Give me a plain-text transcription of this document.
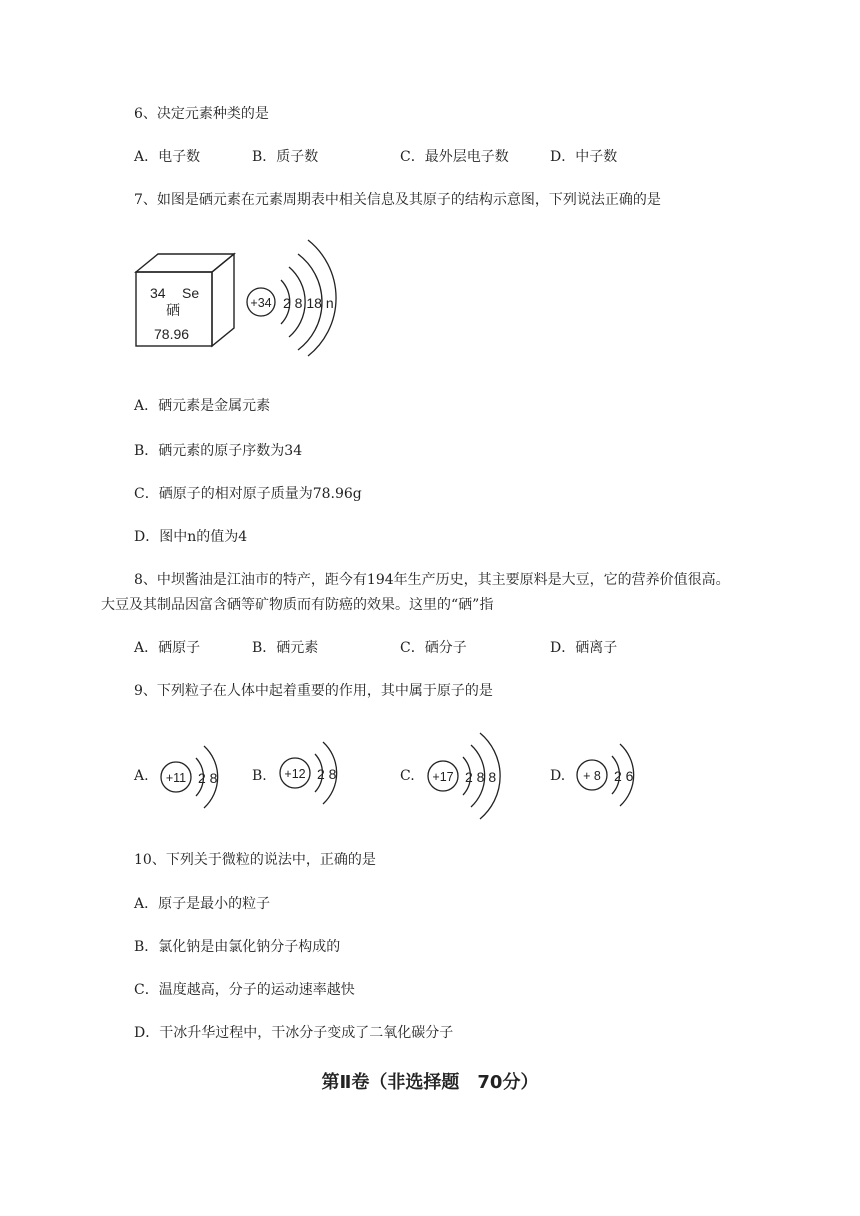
6、决定元素种类的是
A．电子数	B．质子数	C．最外层电子数	D．中子数
7、如图是硒元素在元素周期表中相关信息及其原子的结构示意图，下列说法正确的是
34 Se
硒
78.96
+34 2 8 18 n
A．硒元素是金属元素
B．硒元素的原子序数为34
C．硒原子的相对原子质量为78.96g
D．图中n的值为4
8、中坝酱油是江油市的特产，距今有194年生产历史，其主要原料是大豆，它的营养价值很高。
大豆及其制品因富含硒等矿物质而有防癌的效果。这里的“硒”指
A．硒原子	B．硒元素	C．硒分子	D．硒离子
9、下列粒子在人体中起着重要的作用，其中属于原子的是
A. +11 2 8 B. +12 2 8	C. +17 2 8 8	D. + 8 2 6
10、下列关于微粒的说法中，正确的是
A．原子是最小的粒子
B．氯化钠是由氯化钠分子构成的
C．温度越高，分子的运动速率越快
D．干冰升华过程中，干冰分子变成了二氧化碳分子
第Ⅱ卷（非选择题　70分）
